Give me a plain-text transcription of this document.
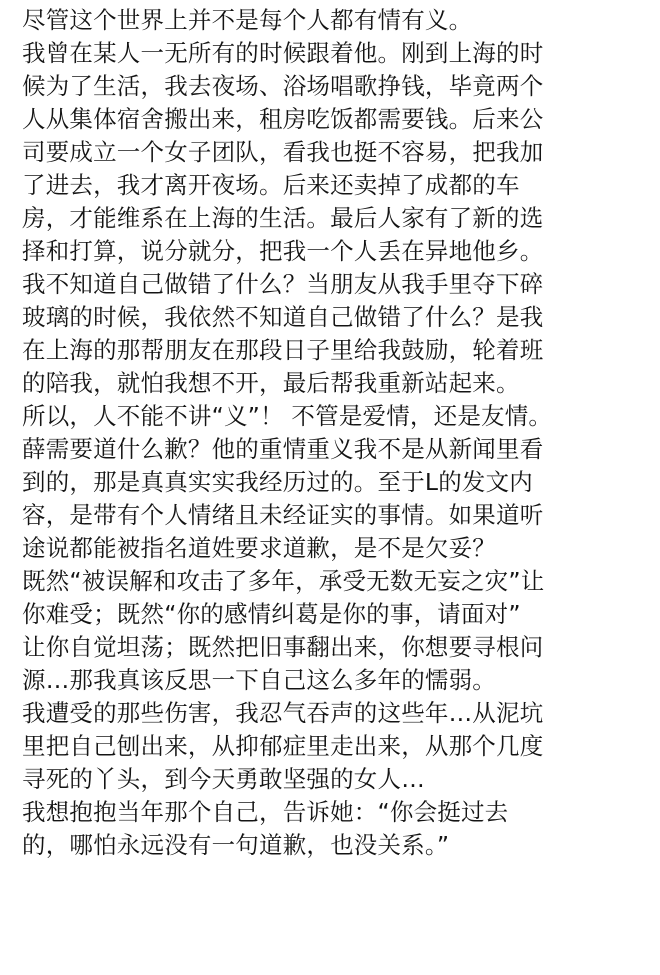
尽管这个世界上并不是每个人都有情有义。
我曾在某人一无所有的时候跟着他。刚到上海的时
候为了生活，我去夜场、浴场唱歌挣钱，毕竟两个
人从集体宿舍搬出来，租房吃饭都需要钱。后来公
司要成立一个女子团队，看我也挺不容易，把我加
了进去，我才离开夜场。后来还卖掉了成都的车
房，才能维系在上海的生活。最后人家有了新的选
择和打算，说分就分，把我一个人丢在异地他乡。
我不知道自己做错了什么？当朋友从我手里夺下碎
玻璃的时候，我依然不知道自己做错了什么？是我
在上海的那帮朋友在那段日子里给我鼓励，轮着班
的陪我，就怕我想不开，最后帮我重新站起来。
所以，人不能不讲“义”！ 不管是爱情，还是友情。
薛需要道什么歉？他的重情重义我不是从新闻里看
到的，那是真真实实我经历过的。至于L的发文内
容，是带有个人情绪且未经证实的事情。如果道听
途说都能被指名道姓要求道歉，是不是欠妥？
既然“被误解和攻击了多年，承受无数无妄之灾”让
你难受；既然“你的感情纠葛是你的事，请面对”
让你自觉坦荡；既然把旧事翻出来，你想要寻根问
源…那我真该反思一下自己这么多年的懦弱。
我遭受的那些伤害，我忍气吞声的这些年…从泥坑
里把自己刨出来，从抑郁症里走出来，从那个几度
寻死的丫头，到今天勇敢坚强的女人…
我想抱抱当年那个自己，告诉她：“你会挺过去
的，哪怕永远没有一句道歉，也没关系。”
